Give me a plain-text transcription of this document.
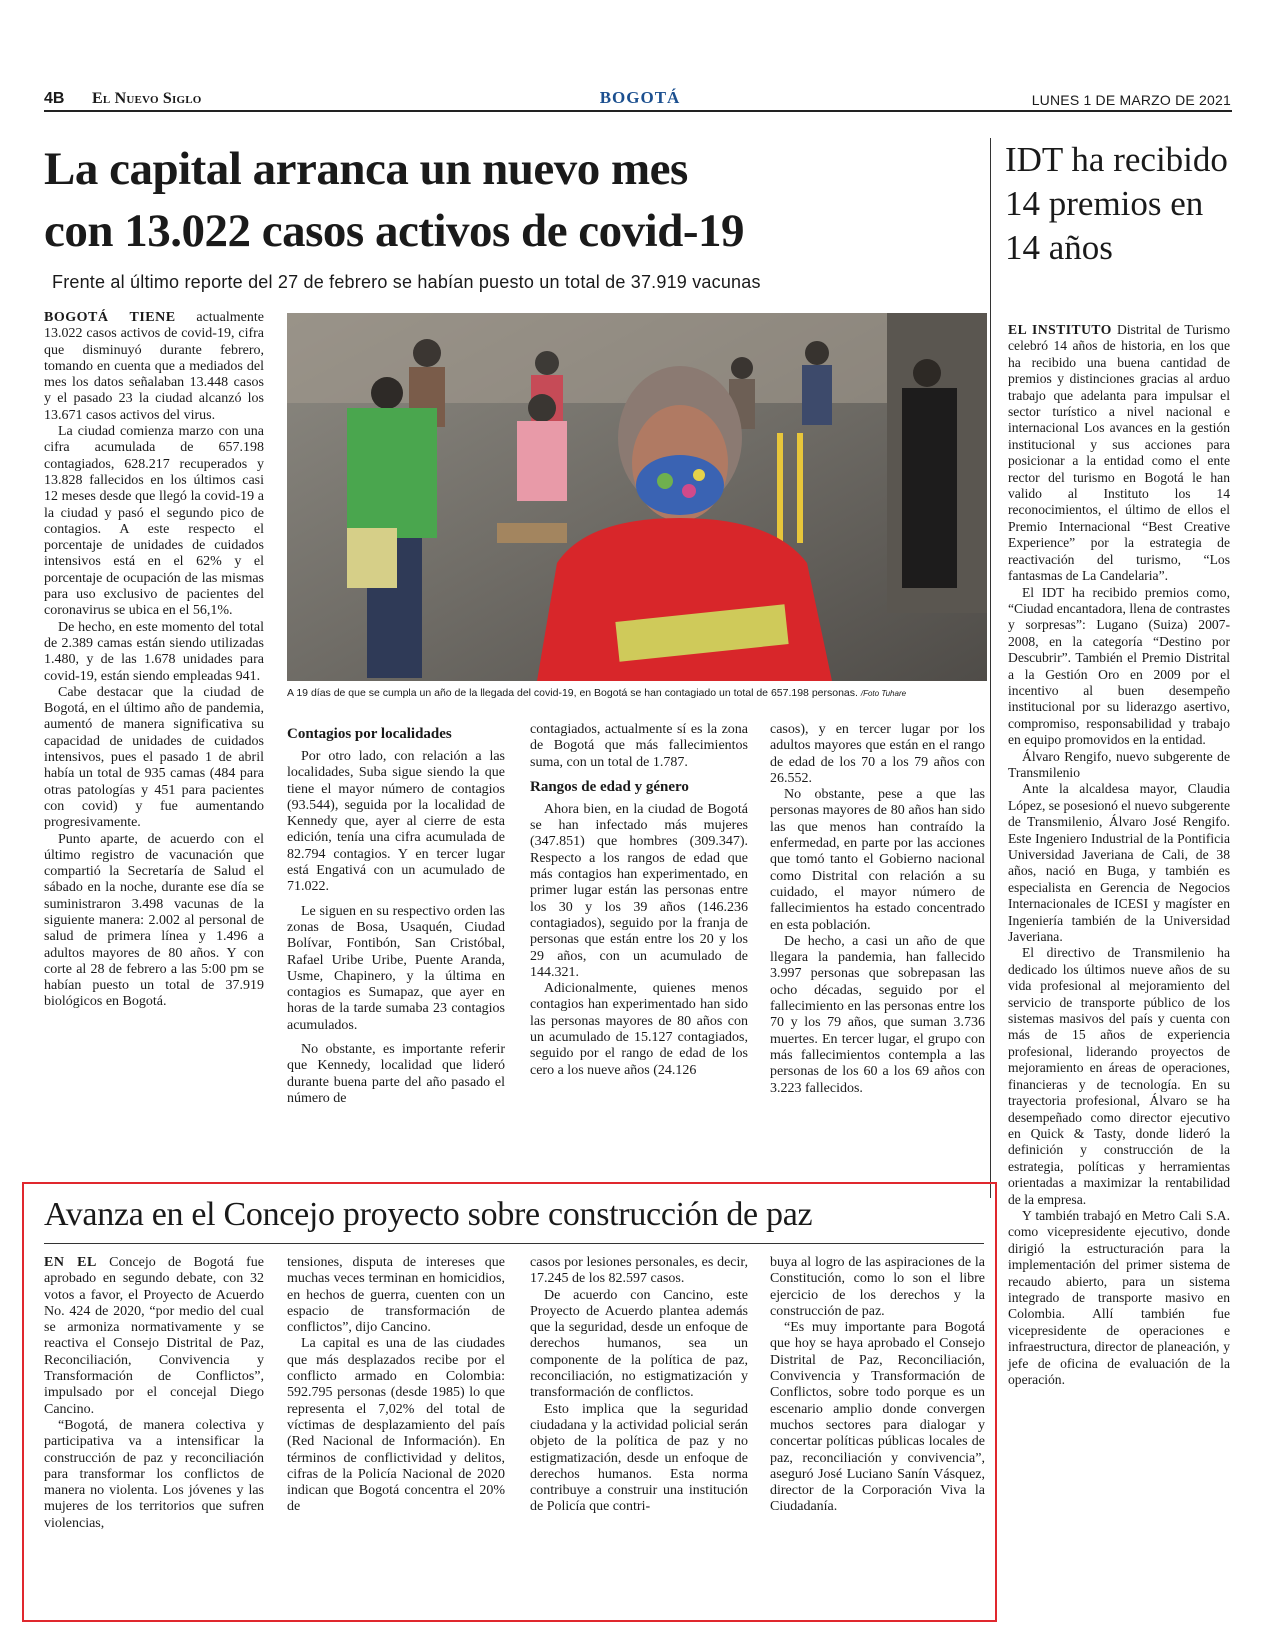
4B El Nuevo Siglo	BOGOTÁ	LUNES 1 DE MARZO DE 2021
La capital arranca un nuevo mes
con 13.022 casos activos de covid-19
Frente al último reporte del 27 de febrero se habían puesto un total de 37.919 vacunas

BOGOTÁ TIENE actualmente 13.022 casos activos de covid-19, cifra que disminuyó durante febrero, tomando en cuenta que a mediados del mes los datos señalaban 13.448 casos y el pasado 23 la ciudad alcanzó los 13.671 casos activos del virus.

La ciudad comienza marzo con una cifra acumulada de 657.198 contagiados, 628.217 recuperados y 13.828 fallecidos en los últimos casi 12 meses desde que llegó la covid-19 a la ciudad y pasó el segundo pico de contagios. A este respecto el porcentaje de unidades de cuidados intensivos está en el 62% y el porcentaje de ocupación de las mismas para uso exclusivo de pacientes del coronavirus se ubica en el 56,1%.

De hecho, en este momento del total de 2.389 camas están siendo utilizadas 1.480, y de las 1.678 unidades para covid-19, están siendo empleadas 941.

Cabe destacar que la ciudad de Bogotá, en el último año de pandemia, aumentó de manera significativa su capacidad de unidades de cuidados intensivos, pues el pasado 1 de abril había un total de 935 camas (484 para otras patologías y 451 para pacientes con covid) y fue aumentando progresivamente.

Punto aparte, de acuerdo con el último registro de vacunación que compartió la Secretaría de Salud el sábado en la noche, durante ese día se suministraron 3.498 vacunas de la siguiente manera: 2.002 al personal de salud de primera línea y 1.496 a adultos mayores de 80 años. Y con corte al 28 de febrero a las 5:00 pm se habían puesto un total de 37.919 biológicos en Bogotá.

A 19 días de que se cumpla un año de la llegada del covid-19, en Bogotá se han contagiado un total de 657.198 personas. /Foto Tuhare
Contagios por localidades

Por otro lado, con relación a las localidades, Suba sigue siendo la que tiene el mayor número de contagios (93.544), seguida por la localidad de Kennedy que, ayer al cierre de esta edición, tenía una cifra acumulada de 82.794 contagios. Y en tercer lugar está Engativá con un acumulado de 71.022.

Le siguen en su respectivo orden las zonas de Bosa, Usaquén, Ciudad Bolívar, Fontibón, San Cristóbal, Rafael Uribe Uribe, Puente Aranda, Usme, Chapinero, y la última en contagios es Sumapaz, que ayer en horas de la tarde sumaba 23 contagios acumulados.

No obstante, es importante referir que Kennedy, localidad que lideró durante buena parte del año pasado el número de

contagiados, actualmente sí es la zona de Bogotá que más fallecimientos suma, con un total de 1.787.

Rangos de edad y género

Ahora bien, en la ciudad de Bogotá se han infectado más mujeres (347.851) que hombres (309.347). Respecto a los rangos de edad que más contagios han experimentado, en primer lugar están las personas entre los 30 y los 39 años (146.236 contagiados), seguido por la franja de personas que están entre los 20 y los 29 años, con un acumulado de 144.321.

Adicionalmente, quienes menos contagios han experimentado han sido las personas mayores de 80 años con un acumulado de 15.127 contagiados, seguido por el rango de edad de los cero a los nueve años (24.126

casos), y en tercer lugar por los adultos mayores que están en el rango de edad de los 70 a los 79 años con 26.552.

No obstante, pese a que las personas mayores de 80 años han sido las que menos han contraído la enfermedad, en parte por las acciones que tomó tanto el Gobierno nacional como Distrital con relación a su cuidado, el mayor número de fallecimientos ha estado concentrado en esta población.

De hecho, a casi un año de que llegara la pandemia, han fallecido 3.997 personas que sobrepasan las ocho décadas, seguido por el fallecimiento en las personas entre los 70 y los 79 años, que suman 3.736 muertes. En tercer lugar, el grupo con más fallecimientos contempla a las personas de los 60 a los 69 años con 3.223 fallecidos.

IDT ha recibido 14 premios en 14 años

EL INSTITUTO Distrital de Turismo celebró 14 años de historia, en los que ha recibido una buena cantidad de premios y distinciones gracias al arduo trabajo que adelanta para impulsar el sector turístico a nivel nacional e internacional Los avances en la gestión institucional y sus acciones para posicionar a la entidad como el ente rector del turismo en Bogotá le han valido al Instituto los 14 reconocimientos, el último de ellos el Premio Internacional “Best Creative Experience” por la estrategia de reactivación del turismo, “Los fantasmas de La Candelaria”.

El IDT ha recibido premios como, “Ciudad encantadora, llena de contrastes y sorpresas”: Lugano (Suiza) 2007-2008, en la categoría “Destino por Descubrir”. También el Premio Distrital a la Gestión Oro en 2009 por el incentivo al buen desempeño institucional por su liderazgo asertivo, compromiso, responsabilidad y trabajo en equipo promovidos en la entidad.

Álvaro Rengifo, nuevo subgerente de Transmilenio

Ante la alcaldesa mayor, Claudia López, se posesionó el nuevo subgerente de Transmilenio, Álvaro José Rengifo. Este Ingeniero Industrial de la Pontificia Universidad Javeriana de Cali, de 38 años, nació en Buga, y también es especialista en Gerencia de Negocios Internacionales de ICESI y magíster en Ingeniería también de la Universidad Javeriana.

El directivo de Transmilenio ha dedicado los últimos nueve años de su vida profesional al mejoramiento del servicio de transporte público de los sistemas masivos del país y cuenta con más de 15 años de experiencia profesional, liderando proyectos de mejoramiento en áreas de operaciones, financieras y de tecnología. En su trayectoria profesional, Álvaro se ha desempeñado como director ejecutivo en Quick & Tasty, donde lideró la definición y construcción de la estrategia, políticas y herramientas orientadas a maximizar la rentabilidad de la empresa.

Y también trabajó en Metro Cali S.A. como vicepresidente ejecutivo, donde dirigió la estructuración para la implementación del primer sistema de recaudo abierto, para un sistema integrado de transporte masivo en Colombia. Allí también fue vicepresidente de operaciones e infraestructura, director de planeación, y jefe de oficina de evaluación de la operación.

Avanza en el Concejo proyecto sobre construcción de paz

EN EL Concejo de Bogotá fue aprobado en segundo debate, con 32 votos a favor, el Proyecto de Acuerdo No. 424 de 2020, “por medio del cual se armoniza normativamente y se reactiva el Consejo Distrital de Paz, Reconciliación, Convivencia y Transformación de Conflictos”, impulsado por el concejal Diego Cancino.

“Bogotá, de manera colectiva y participativa va a intensificar la construcción de paz y reconciliación para transformar los conflictos de manera no violenta. Los jóvenes y las mujeres de los territorios que sufren violencias,

tensiones, disputa de intereses que muchas veces terminan en homicidios, en hechos de guerra, cuenten con un espacio de transformación de conflictos”, dijo Cancino.

La capital es una de las ciudades que más desplazados recibe por el conflicto armado en Colombia: 592.795 personas (desde 1985) lo que representa el 7,02% del total de víctimas de desplazamiento del país (Red Nacional de Información). En términos de conflictividad y delitos, cifras de la Policía Nacional de 2020 indican que Bogotá concentra el 20% de

casos por lesiones personales, es decir, 17.245 de los 82.597 casos.

De acuerdo con Cancino, este Proyecto de Acuerdo plantea además que la seguridad, desde un enfoque de derechos humanos, sea un componente de la política de paz, reconciliación, no estigmatización y transformación de conflictos.

Esto implica que la seguridad ciudadana y la actividad policial serán objeto de la política de paz y no estigmatización, desde un enfoque de derechos humanos. Esta norma contribuye a construir una institución de Policía que contri-

buya al logro de las aspiraciones de la Constitución, como lo son el libre ejercicio de los derechos y la construcción de paz.

“Es muy importante para Bogotá que hoy se haya aprobado el Consejo Distrital de Paz, Reconciliación, Convivencia y Transformación de Conflictos, sobre todo porque es un escenario amplio donde convergen muchos sectores para dialogar y concertar políticas públicas locales de paz, reconciliación y convivencia”, aseguró José Luciano Sanín Vásquez, director de la Corporación Viva la Ciudadanía.
